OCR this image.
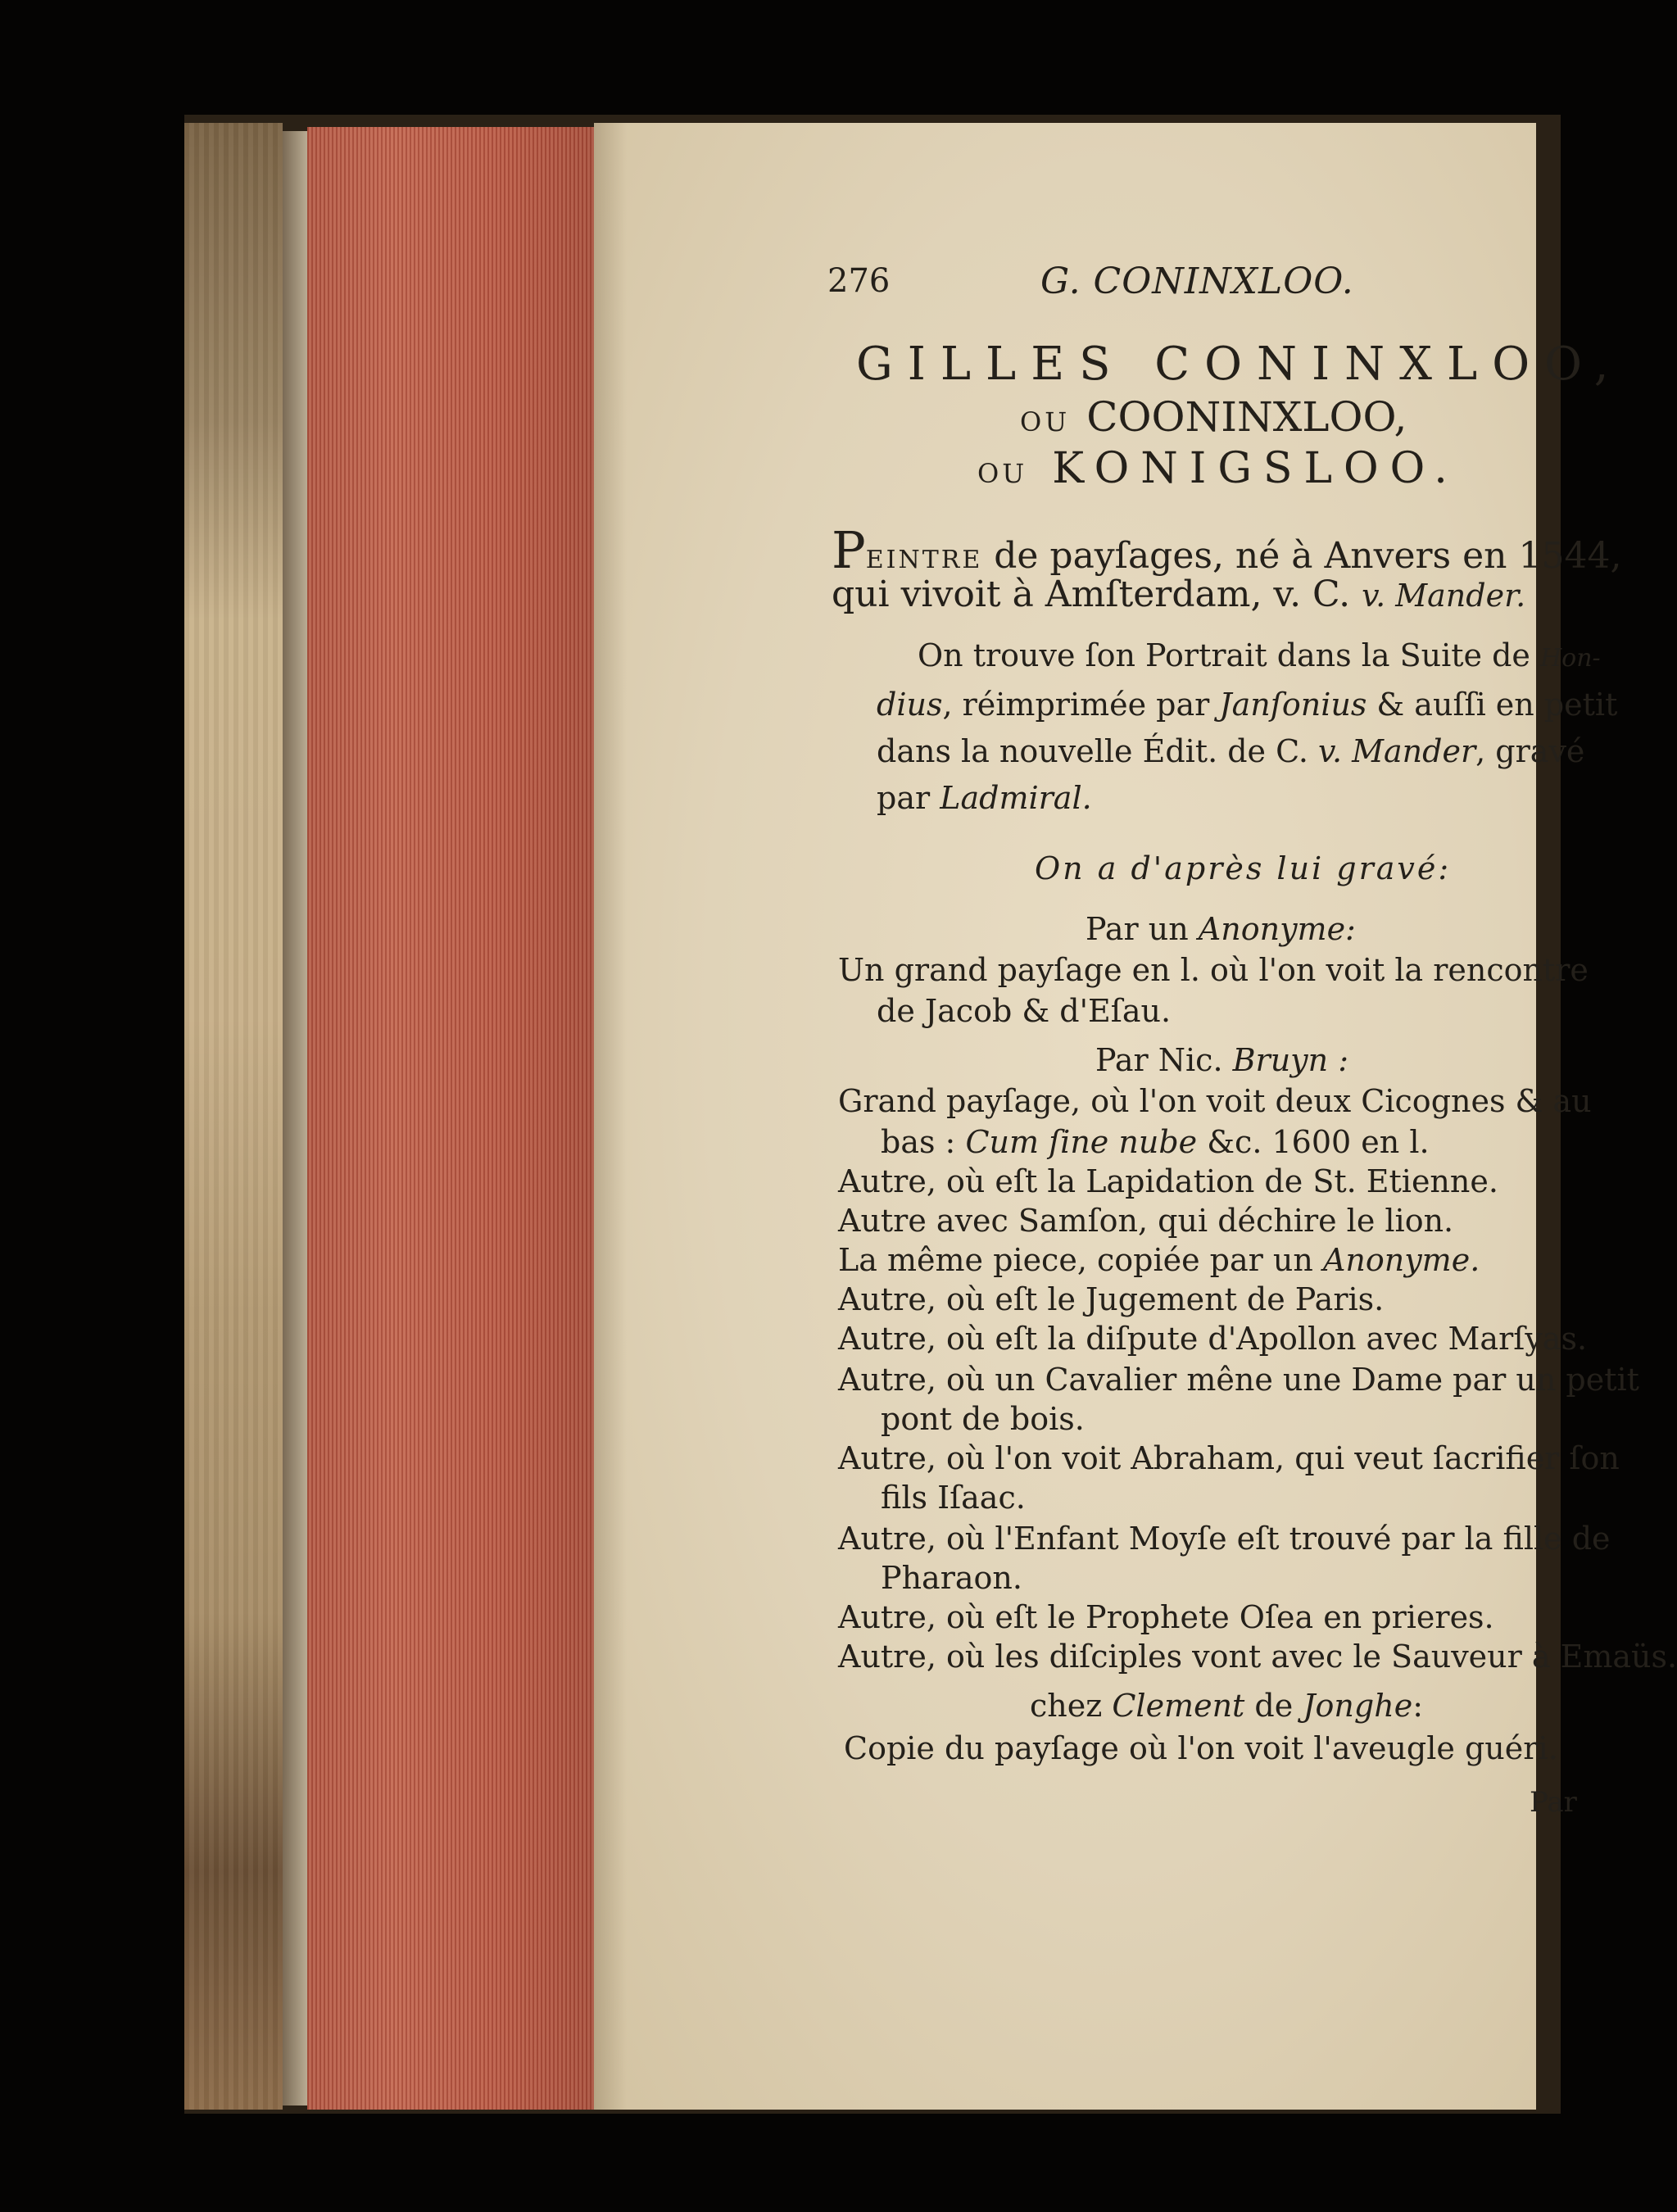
276	G. CONINXLOO.
GILLES CONINXLOO,
OU COONINXLOO,
OU KONIGSLOO.
PEINTRE de payſages, né à Anvers en 1544,
qui vivoit à Amſterdam, v. C. v. Mander.
On trouve ſon Portrait dans la Suite de Hon-
dius, réimprimée par Janſonius & auſſi en petit
dans la nouvelle Édit. de C. v. Mander, gravé
par Ladmiral.
On a d'après lui gravé:
Par un Anonyme:
Un grand payſage en l. où l'on voit la rencontre
de Jacob & d'Eſau.
Par Nic. Bruyn :
Grand payſage, où l'on voit deux Cicognes & au
bas : Cum ſine nube &c. 1600 en l.
Autre, où eſt la Lapidation de St. Etienne.
Autre avec Samſon, qui déchire le lion.
La même piece, copiée par un Anonyme.
Autre, où eſt le Jugement de Paris.
Autre, où eſt la diſpute d'Apollon avec Marſyas.
Autre, où un Cavalier mêne une Dame par un petit
pont de bois.
Autre, où l'on voit Abraham, qui veut ſacrifier ſon
fils Iſaac.
Autre, où l'Enfant Moyſe eſt trouvé par la fille de
Pharaon.
Autre, où eſt le Prophete Oſea en prieres.
Autre, où les diſciples vont avec le Sauveur à Emaüs.
chez Clement de Jonghe:
Copie du payſage où l'on voit l'aveugle guéri.
Par
